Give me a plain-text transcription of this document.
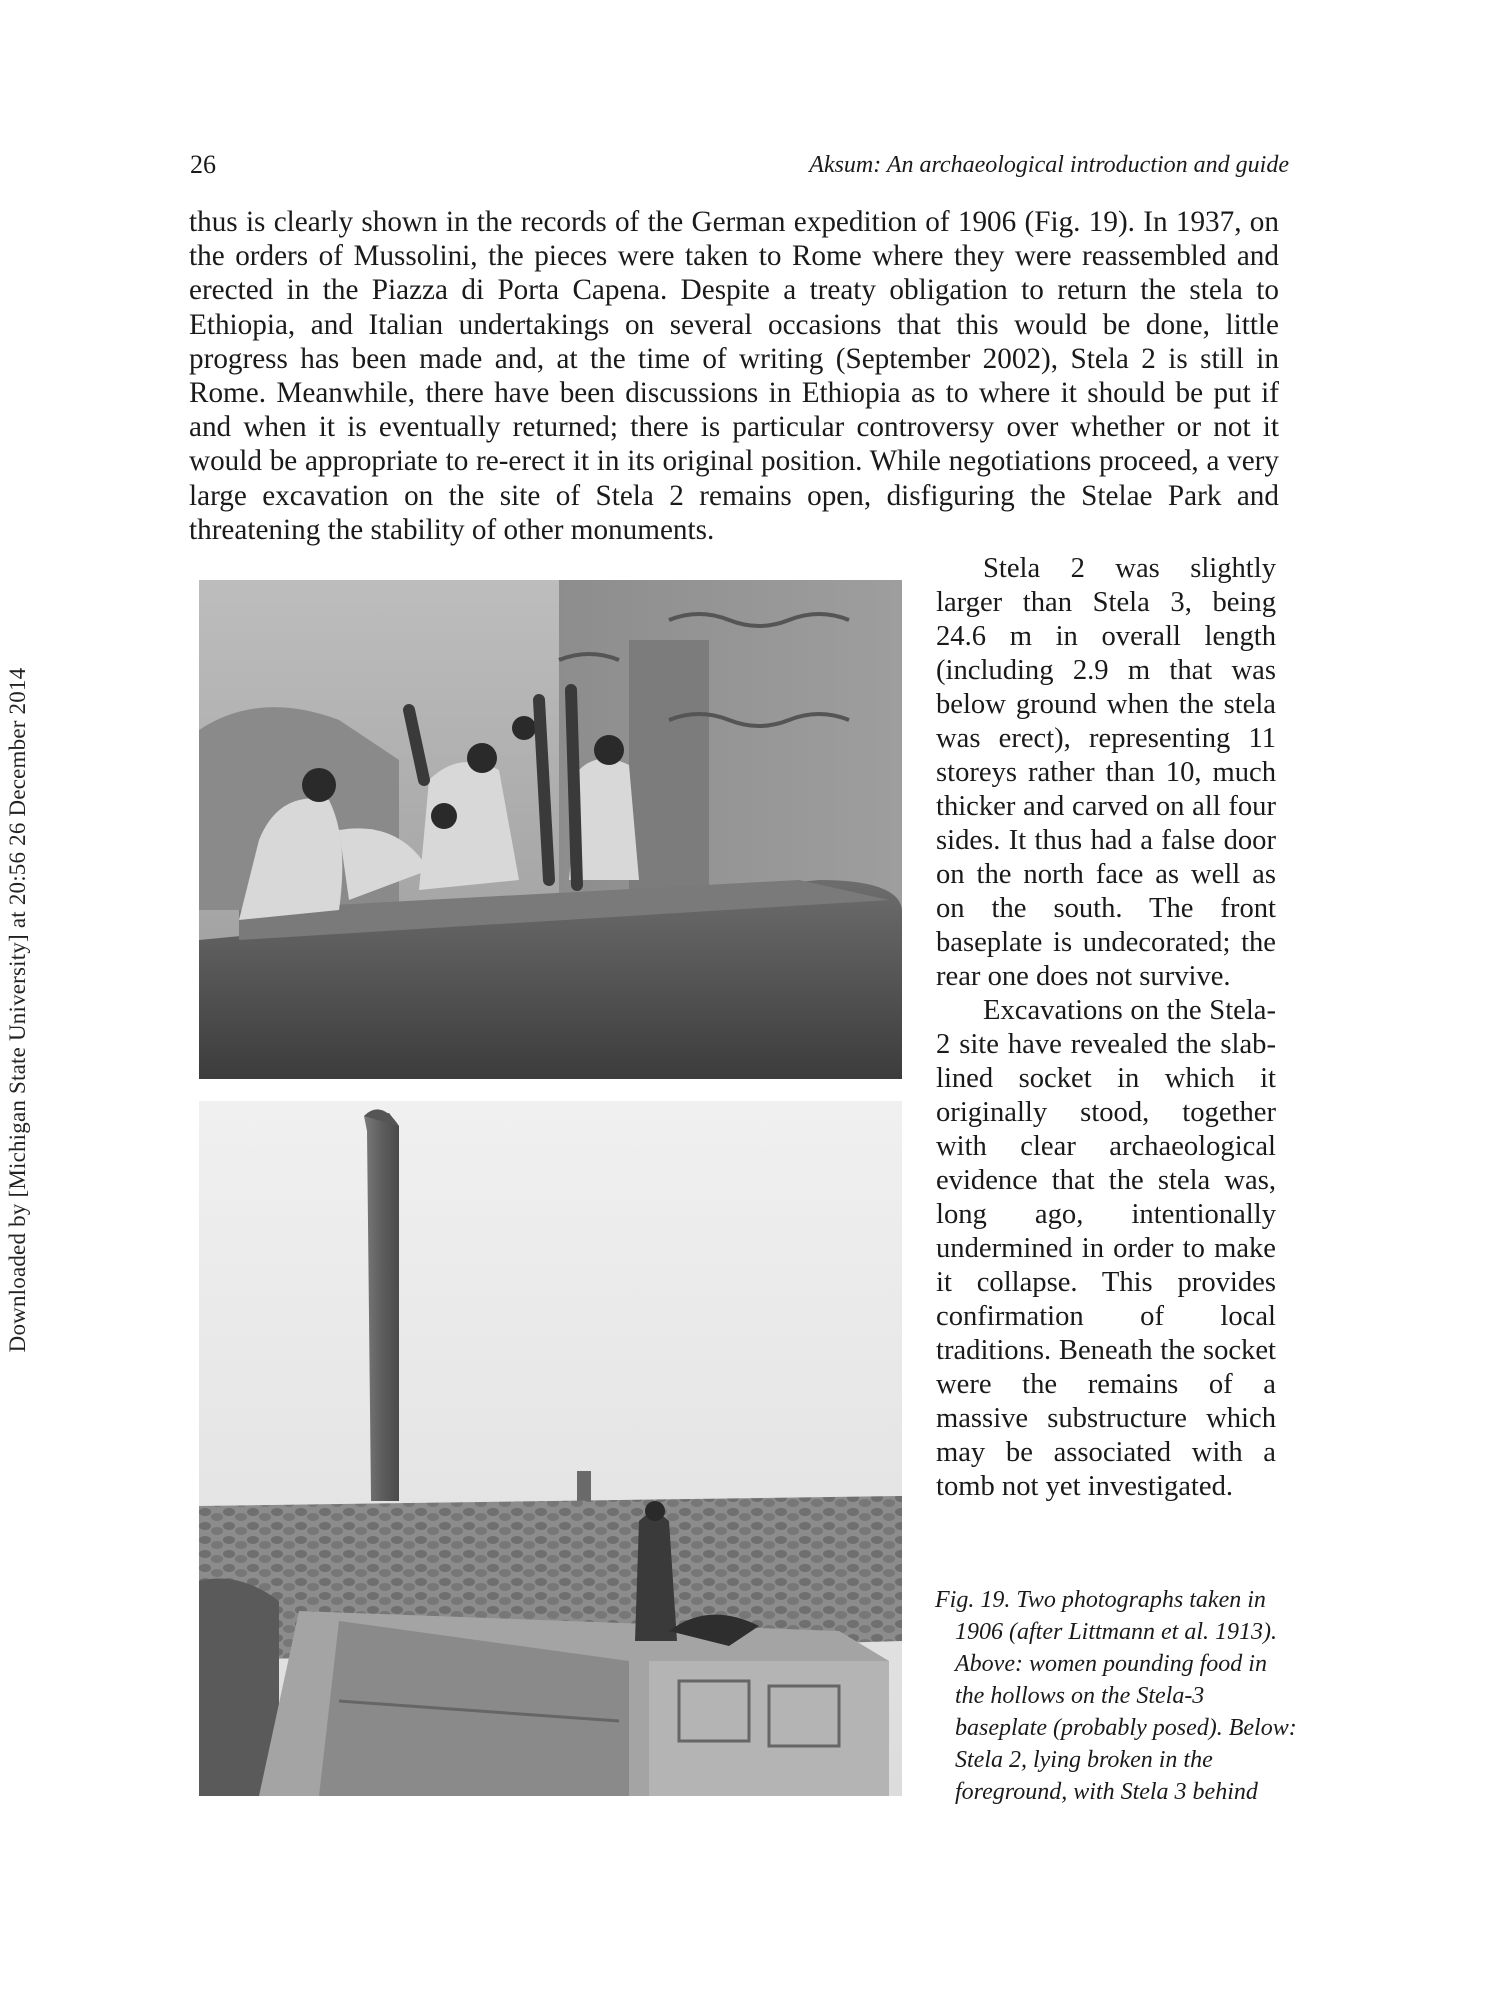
Downloaded by [Michigan State University] at 20:56 26 December 2014
26	Aksum: An archaeological introduction and guide

thus is clearly shown in the records of the German expedition of 1906 (Fig. 19). In 1937, on the orders of Mussolini, the pieces were taken to Rome where they were reassembled and erected in the Piazza di Porta Capena. Despite a treaty obligation to return the stela to Ethiopia, and Italian undertakings on several occasions that this would be done, little progress has been made and, at the time of writing (September 2002), Stela 2 is still in Rome. Meanwhile, there have been discussions in Ethiopia as to where it should be put if and when it is eventually returned; there is particular controversy over whether or not it would be appropriate to re-erect it in its original position. While negotiations proceed, a very large excavation on the site of Stela 2 remains open, disfiguring the Stelae Park and threatening the stability of other monuments.

Stela 2 was slightly larger than Stela 3, being 24.6 m in overall length (including 2.9 m that was below ground when the stela was erect), representing 11 storeys rather than 10, much thicker and carved on all four sides. It thus had a false door on the north face as well as on the south. The front baseplate is undecorated; the rear one does not survive.

Excavations on the Stela-2 site have revealed the slab-lined socket in which it originally stood, together with clear archaeological evidence that the stela was, long ago, intentionally undermined in order to make it collapse. This provides confirmation of local traditions. Beneath the socket were the remains of a massive substructure which may be associated with a tomb not yet investigated.

Fig. 19. Two photographs taken in 1906 (after Littmann et al. 1913). Above: women pounding food in the hollows on the Stela-3 baseplate (probably posed). Below: Stela 2, lying broken in the foreground, with Stela 3 behind
